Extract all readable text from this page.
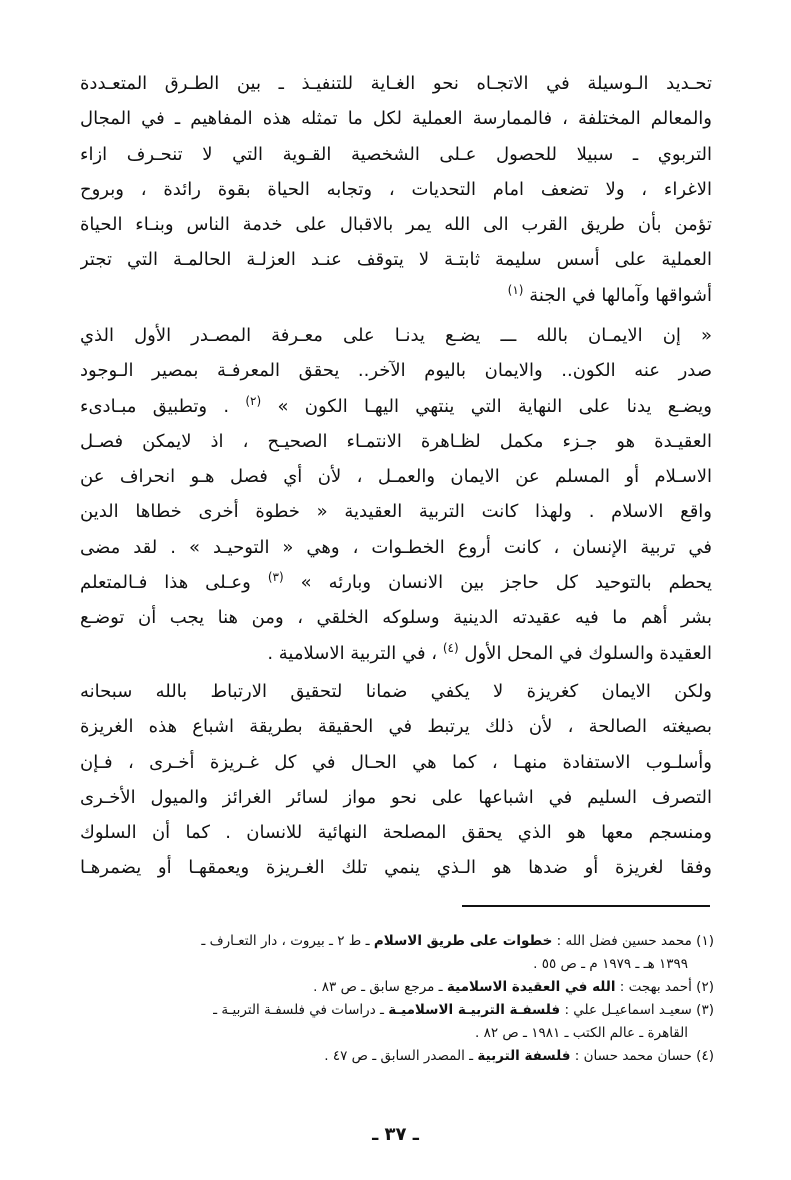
تحـديد الـوسيلة في الاتجـاه نحو الغـاية للتنفيـذ ـ بين الطـرق المتعـددة
والمعالم المختلفة ، فالممارسة العملية لكل ما تمثله هذه المفاهيم ـ في المجال
التربوي ـ سبيلا للحصول عـلى الشخصية القـوية التي لا تنحـرف ازاء
الاغراء ، ولا تضعف امام التحديات ، وتجابه الحياة بقوة رائدة ، وبروح
تؤمن بأن طريق القرب الى الله يمر بالاقبال على خدمة الناس وبنـاء الحياة
العملية على أسس سليمة ثابتـة لا يتوقف عنـد العزلـة الحالمـة التي تجتر
أشواقها وآمالها في الجنة $^{(١)}$
« إن الايمـان بالله ـــ يضـع يدنـا على معـرفة المصـدر الأول الذي
صدر عنه الكون.. والايمان باليوم الآخر.. يحقق المعرفـة بمصير الـوجود
ويضـع يدنا على النهاية التي ينتهي اليهـا الكون » $^{(٢)}$ . وتطبيق مبـادىء
العقيـدة هو جـزء مكمل لظـاهرة الانتمـاء الصحيـح ، اذ لايمكن فصـل
الاسـلام أو المسلم عن الايمان والعمـل ، لأن أي فصل هـو انحراف عن
واقع الاسلام . ولهذا كانت التربية العقيدية « خطوة أخرى خطاها الدين
في تربية الإنسان ، كانت أروع الخطـوات ، وهي « التوحيـد » . لقد مضى
يحطم بالتوحيد كل حاجز بين الانسان وبارئه » $^{(٣)}$ وعـلى هذا فـالمتعلم
بشر أهم ما فيه عقيدته الدينية وسلوكه الخلقي ، ومن هنا يجب أن توضـع
العقيدة والسلوك في المحل الأول $^{(٤)}$ ، في التربية الاسلامية .
ولكن الايمان كغريزة لا يكفي ضمانا لتحقيق الارتباط بالله سبحانه
بصيغته الصالحة ، لأن ذلك يرتبط في الحقيقة بطريقة اشباع هذه الغريزة
وأسلـوب الاستفادة منهـا ، كما هي الحـال في كل غـريزة أخـرى ، فـإن
التصرف السليم في اشباعها على نحو مواز لسائر الغرائز والميول الأخـرى
ومنسجم معها هو الذي يحقق المصلحة النهائية للانسان . كما أن السلوك
وفقا لغريزة أو ضدها هو الـذي ينمي تلك الغـريزة ويعمقهـا أو يضمرهـا
(١) محمد حسين فضل الله : خطوات على طريق الاسلام ـ ط ٢ ـ بيروت ، دار التعـارف ـ
١٣٩٩ هـ ـ ١٩٧٩ م ـ ص ٥٥ .
(٢) أحمد بهجت : الله في العقيدة الاسلامية ـ مرجع سابق ـ ص ٨٣ .
(٣) سعيـد اسماعيـل علي : فلسفـة التربيـة الاسلاميـة ـ دراسات في فلسفـة التربيـة ـ
القاهرة ـ عالم الكتب ـ ١٩٨١ ـ ص ٨٢ .
(٤) حسان محمد حسان : فلسفة التربية ـ المصدر السابق ـ ص ٤٧ .
ـ ٣٧ ـ
